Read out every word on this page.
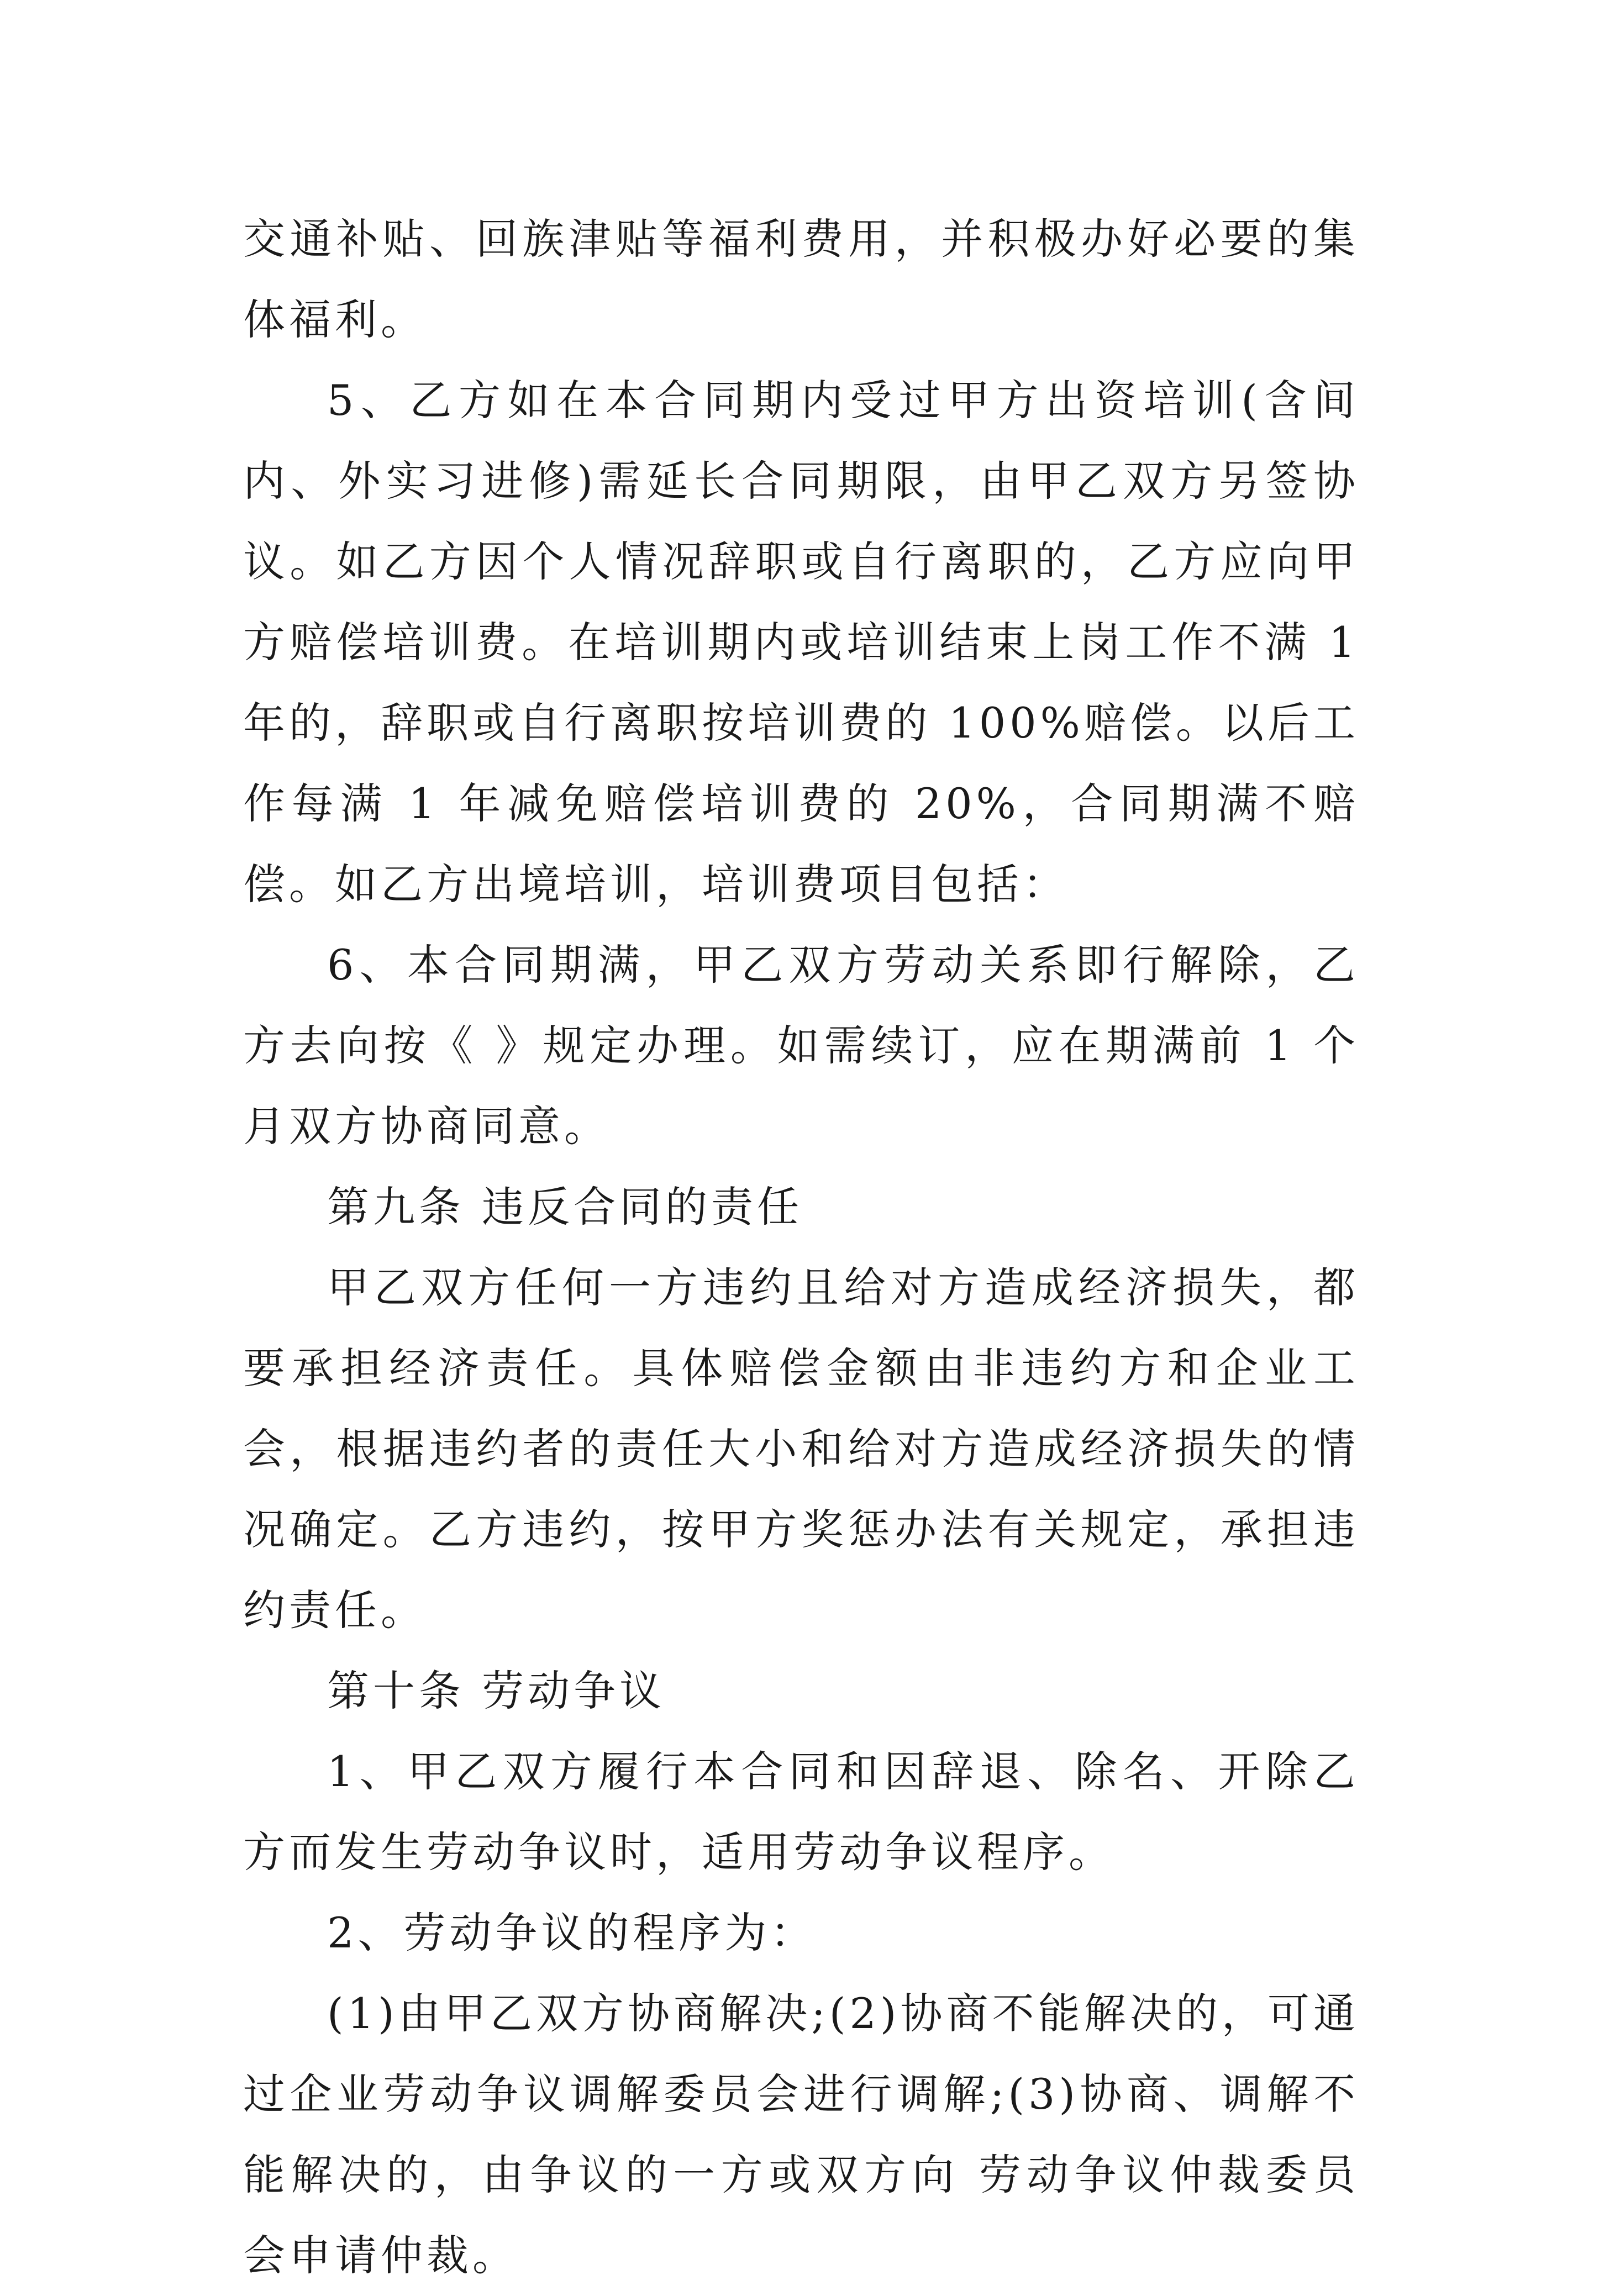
交通补贴、回族津贴等福利费用，并积极办好必要的集体福利。

5、乙方如在本合同期内受过甲方出资培训(含间内、外实习进修)需延长合同期限，由甲乙双方另签协议。如乙方因个人情况辞职或自行离职的，乙方应向甲方赔偿培训费。在培训期内或培训结束上岗工作不满 1 年的，辞职或自行离职按培训费的 100%赔偿。以后工作每满 1 年减免赔偿培训费的 20%，合同期满不赔偿。如乙方出境培训，培训费项目包括：

6、本合同期满，甲乙双方劳动关系即行解除，乙方去向按《 》规定办理。如需续订，应在期满前 1 个月双方协商同意。

第九条 违反合同的责任

甲乙双方任何一方违约且给对方造成经济损失，都要承担经济责任。具体赔偿金额由非违约方和企业工会，根据违约者的责任大小和给对方造成经济损失的情况确定。乙方违约，按甲方奖惩办法有关规定，承担违约责任。

第十条 劳动争议

1、甲乙双方履行本合同和因辞退、除名、开除乙方而发生劳动争议时，适用劳动争议程序。

2、劳动争议的程序为：

(1)由甲乙双方协商解决;(2)协商不能解决的，可通过企业劳动争议调解委员会进行调解;(3)协商、调解不能解决的，由争议的一方或双方向 劳动争议仲裁委员会申请仲裁。
